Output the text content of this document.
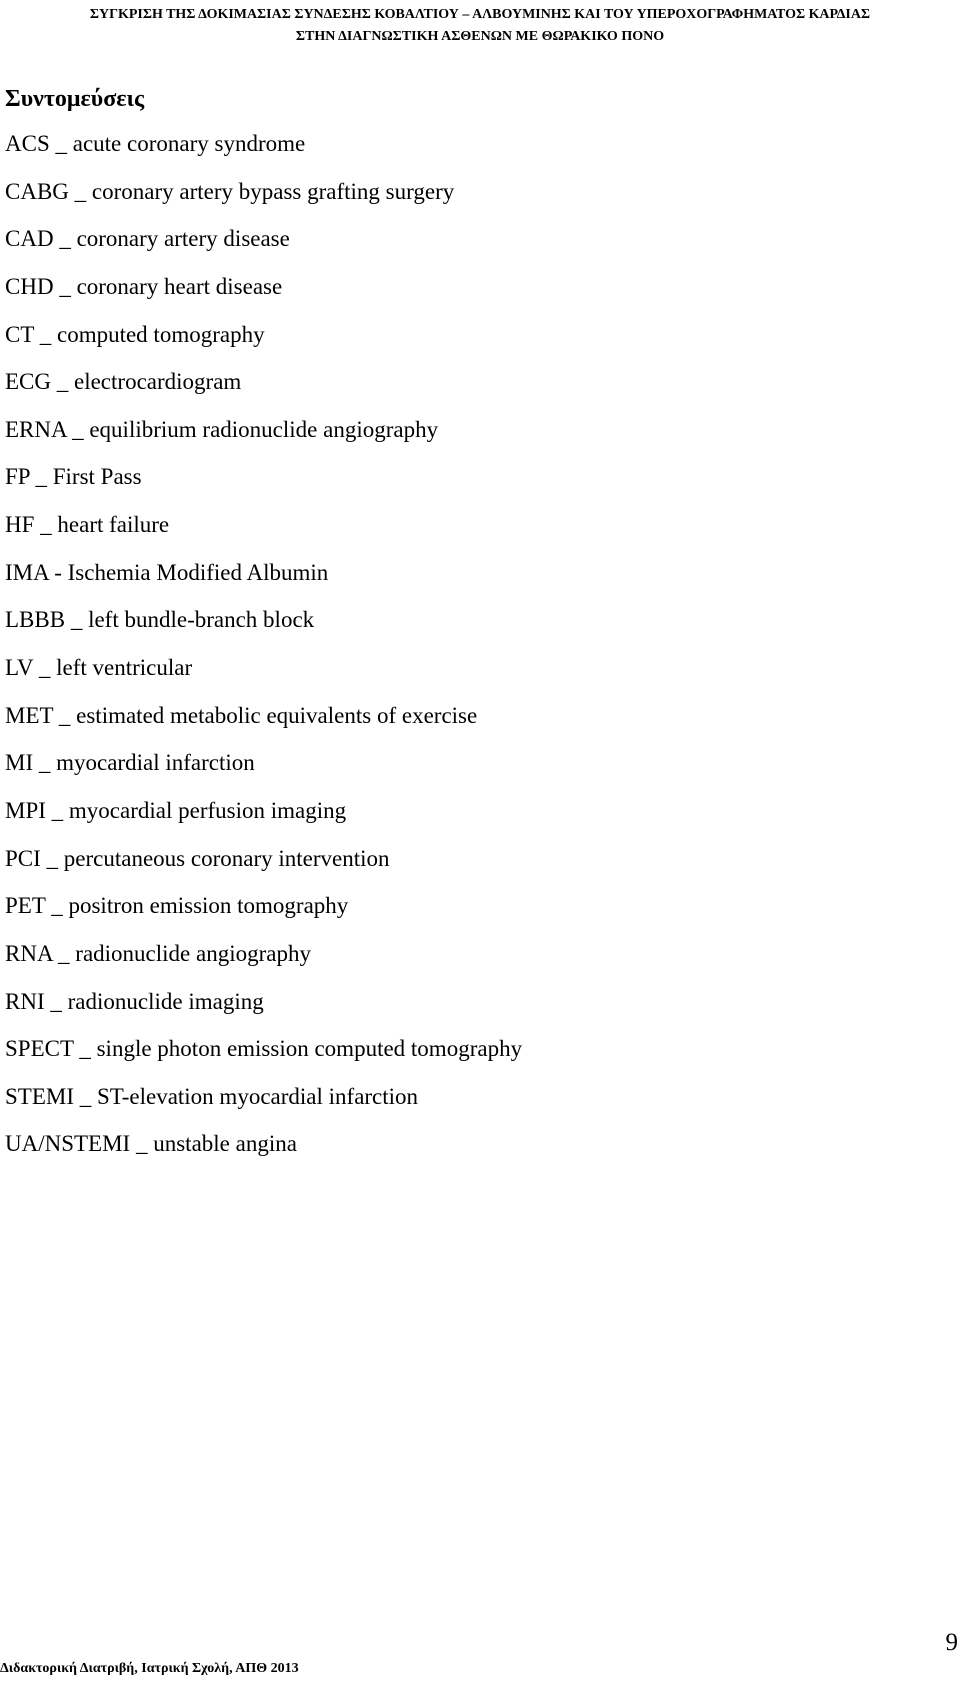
ΣΥΓΚΡΙΣΗ ΤΗΣ ΔΟΚΙΜΑΣΙΑΣ ΣΥΝΔΕΣΗΣ ΚΟΒΑΛΤΙΟΥ – ΑΛΒΟΥΜΙΝΗΣ ΚΑΙ ΤΟΥ ΥΠΕΡΟΧΟΓΡΑΦΗΜΑΤΟΣ ΚΑΡΔΙΑΣ
ΣΤΗΝ ΔΙΑΓΝΩΣΤΙΚΗ ΑΣΘΕΝΩΝ ΜΕ ΘΩΡΑΚΙΚΟ ΠΟΝΟ
Συντομεύσεις
ACS _ acute coronary syndrome
CABG _ coronary artery bypass grafting surgery
CAD _ coronary artery disease
CHD _ coronary heart disease
CT _ computed tomography
ECG _ electrocardiogram
ERNA _ equilibrium radionuclide angiography
FP _ First Pass
HF _ heart failure
IMA - Ischemia Modified Albumin
LBBB _ left bundle-branch block
LV _ left ventricular
MET _ estimated metabolic equivalents of exercise
MI _ myocardial infarction
MPI _ myocardial perfusion imaging
PCI _ percutaneous coronary intervention
PET _ positron emission tomography
RNA _ radionuclide angiography
RNI _ radionuclide imaging
SPECT _ single photon emission computed tomography
STEMI _ ST-elevation myocardial infarction
UA/NSTEMI _ unstable angina
9
Διδακτορική Διατριβή, Ιατρική Σχολή, ΑΠΘ 2013
